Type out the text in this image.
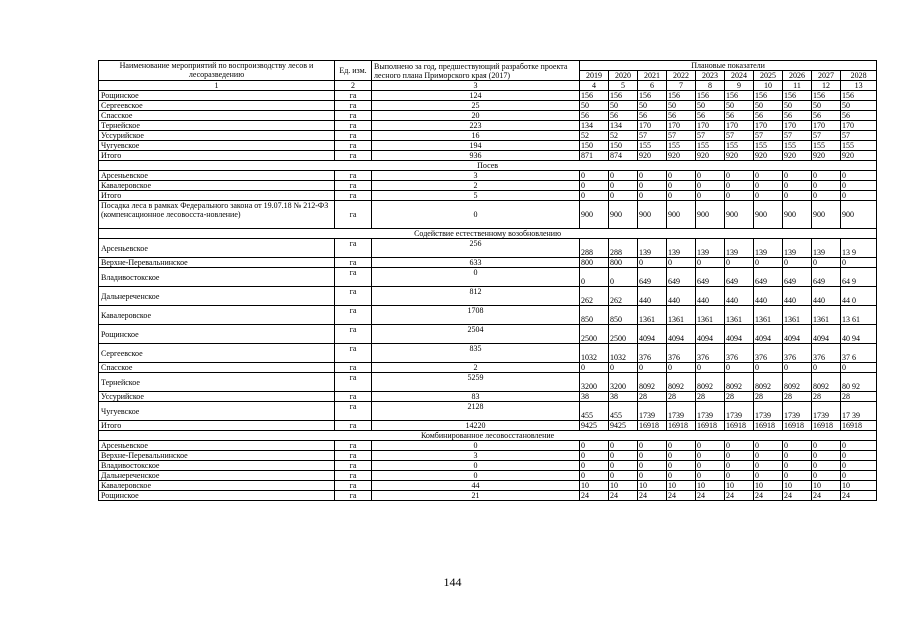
Наименование мероприятий по воспроизводству лесов и лесоразведению	Ед. изм.	Выполнено за год, предшествующий разработке проекта лесного плана Приморского края (2017)	Плановые показатели									
			2019	2020	2021	2022	2023	2024	2025	2026	2027	2028
1	2	3	4	5	6	7	8	9	10	11	12	13
Рощинское	га	124	156	156	156	156	156	156	156	156	156	156
Сергеевское	га	25	50	50	50	50	50	50	50	50	50	50
Спасское	га	20	56	56	56	56	56	56	56	56	56	56
Тернейское	га	223	134	134	170	170	170	170	170	170	170	170
Уссурийское	га	16	52	52	57	57	57	57	57	57	57	57
Чугуевское	га	194	150	150	155	155	155	155	155	155	155	155
Итого	га	936	871	874	920	920	920	920	920	920	920	920
Посев												
Арсеньевское	га	3	0	0	0	0	0	0	0	0	0	0
Кавалеровское	га	2	0	0	0	0	0	0	0	0	0	0
Итого	га	5	0	0	0	0	0	0	0	0	0	0
Посадка леса в рамках Федерального закона от 19.07.18 № 212-ФЗ (компенсационное лесовосста-новление)	га	0	900	900	900	900	900	900	900	900	900	900
Содействие естественному возобновлению												
Арсеньевское	га	256	288	288	139	139	139	139	139	139	139	13 9
Верхне-Перевальнинское	га	633	800	800	0	0	0	0	0	0	0	0
Владивостокское	га	0	0	0	649	649	649	649	649	649	649	64 9
Дальнереченское	га	812	262	262	440	440	440	440	440	440	440	44 0
Кавалеровское	га	1708	850	850	1361	1361	1361	1361	1361	1361	1361	13 61
Рощинское	га	2504	2500	2500	4094	4094	4094	4094	4094	4094	4094	40 94
Сергеевское	га	835	1032	1032	376	376	376	376	376	376	376	37 6
Спасское	га	2	0	0	0	0	0	0	0	0	0	0
Тернейское	га	5259	3200	3200	8092	8092	8092	8092	8092	8092	8092	80 92
Уссурийское	га	83	38	38	28	28	28	28	28	28	28	28
Чугуевское	га	2128	455	455	1739	1739	1739	1739	1739	1739	1739	17 39
Итого	га	14220	9425	9425	16918	16918	16918	16918	16918	16918	16918	16918
Комбинированное лесовосстановление												
Арсеньевское	га	0	0	0	0	0	0	0	0	0	0	0
Верхне-Перевальнинское	га	3	0	0	0	0	0	0	0	0	0	0
Владивостокское	га	0	0	0	0	0	0	0	0	0	0	0
Дальнереченское	га	0	0	0	0	0	0	0	0	0	0	0
Кавалеровское	га	44	10	10	10	10	10	10	10	10	10	10
Рощинское	га	21	24	24	24	24	24	24	24	24	24	24
144
